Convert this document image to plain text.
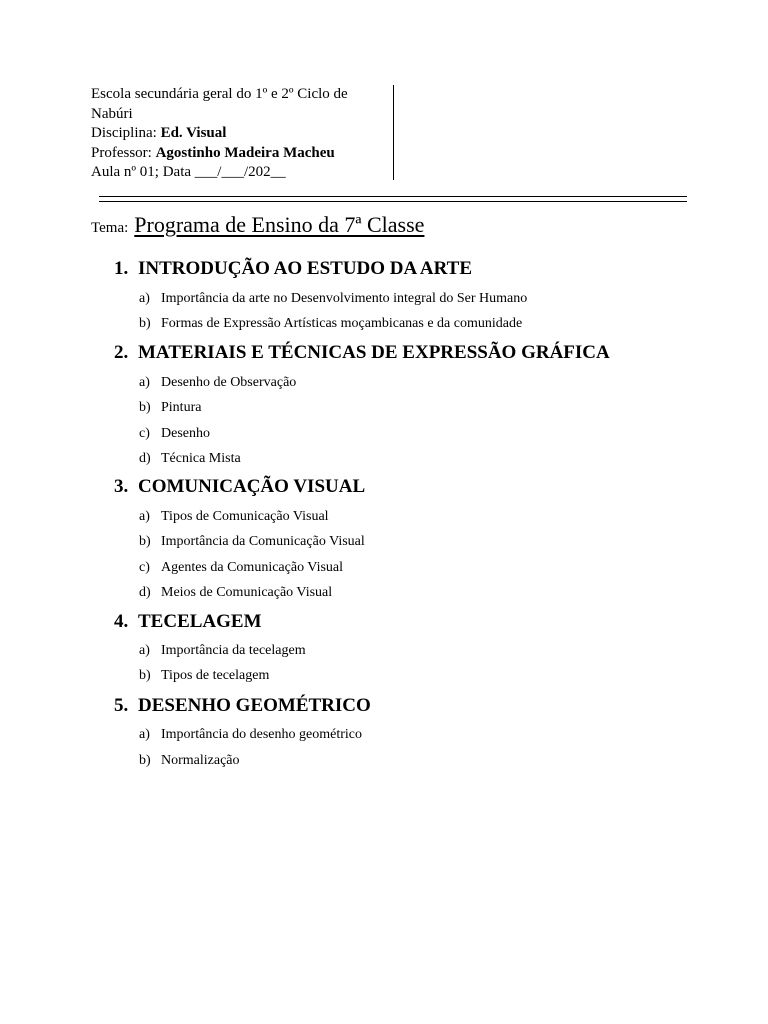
Escola secundária geral do 1º e 2º Ciclo de
Nabúri
Disciplina: Ed. Visual
Professor: Agostinho Madeira Macheu
Aula nº 01; Data ___/___/202__
Tema: Programa de Ensino da 7ª Classe
1. INTRODUÇÃO AO ESTUDO DA ARTE
a) Importância da arte no Desenvolvimento integral do Ser Humano
b) Formas de Expressão Artísticas moçambicanas e da comunidade
2. MATERIAIS E TÉCNICAS DE EXPRESSÃO GRÁFICA
a) Desenho de Observação
b) Pintura
c) Desenho
d) Técnica Mista
3. COMUNICAÇÃO VISUAL
a) Tipos de Comunicação Visual
b) Importância da Comunicação Visual
c) Agentes da Comunicação Visual
d) Meios de Comunicação Visual
4. TECELAGEM
a) Importância da tecelagem
b) Tipos de tecelagem
5. DESENHO GEOMÉTRICO
a) Importância do desenho geométrico
b) Normalização
